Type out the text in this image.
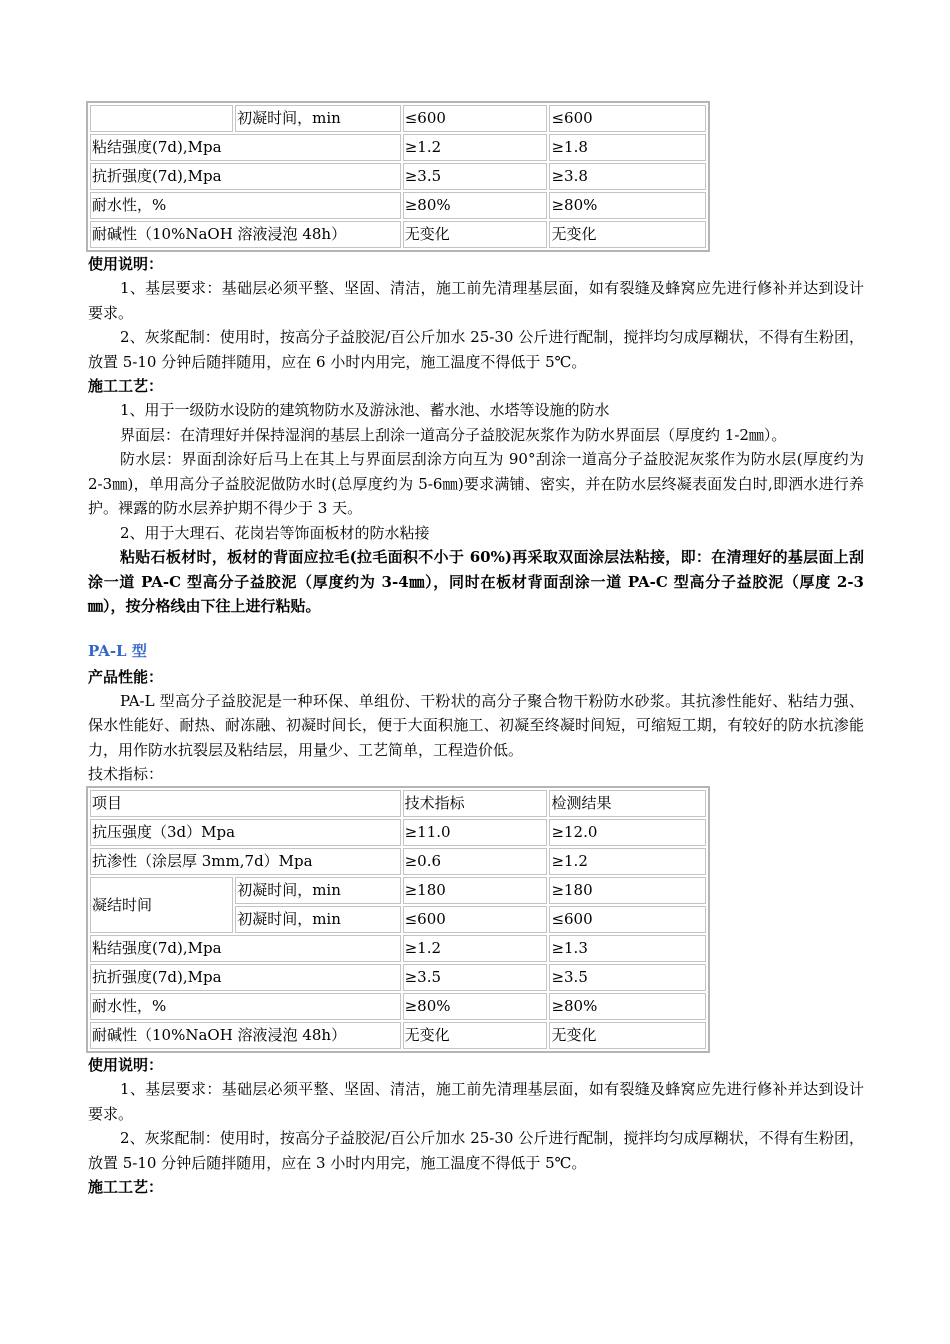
	初凝时间，min	≤600	≤600
粘结强度(7d),Mpa		≥1.2	≥1.8
抗折强度(7d),Mpa		≥3.5	≥3.8
耐水性，%		≥80%	≥80%
耐碱性（10%NaOH 溶液浸泡 48h）		无变化	无变化
使用说明：

1、基层要求：基础层必须平整、坚固、清洁，施工前先清理基层面，如有裂缝及蜂窝应先进行修补并达到设计要求。

2、灰浆配制：使用时，按高分子益胶泥/百公斤加水 25-30 公斤进行配制，搅拌均匀成厚糊状，不得有生粉团，放置 5-10 分钟后随拌随用，应在 6 小时内用完，施工温度不得低于 5℃。

施工工艺：

1、用于一级防水设防的建筑物防水及游泳池、蓄水池、水塔等设施的防水

界面层：在清理好并保持湿润的基层上刮涂一道高分子益胶泥灰浆作为防水界面层（厚度约 1-2㎜）。

防水层：界面刮涂好后马上在其上与界面层刮涂方向互为 90°刮涂一道高分子益胶泥灰浆作为防水层(厚度约为 2-3㎜)，单用高分子益胶泥做防水时(总厚度约为 5-6㎜)要求满铺、密实，并在防水层终凝表面发白时,即洒水进行养护。裸露的防水层养护期不得少于 3 天。

2、用于大理石、花岗岩等饰面板材的防水粘接

粘贴石板材时，板材的背面应拉毛(拉毛面积不小于 60%)再采取双面涂层法粘接，即：在清理好的基层面上刮涂一道 PA-C 型高分子益胶泥（厚度约为 3-4㎜），同时在板材背面刮涂一道 PA-C 型高分子益胶泥（厚度 2-3㎜），按分格线由下往上进行粘贴。

PA-L 型
产品性能：

PA-L 型高分子益胶泥是一种环保、单组份、干粉状的高分子聚合物干粉防水砂浆。其抗渗性能好、粘结力强、保水性能好、耐热、耐冻融、初凝时间长，便于大面积施工、初凝至终凝时间短，可缩短工期，有较好的防水抗渗能力，用作防水抗裂层及粘结层，用量少、工艺简单，工程造价低。

技术指标：
项目		技术指标	检测结果
抗压强度（3d）Mpa		≥11.0	≥12.0
抗渗性（涂层厚 3mm,7d）Mpa		≥0.6	≥1.2
凝结时间	初凝时间，min	≥180	≥180
	初凝时间，min	≤600	≤600
粘结强度(7d),Mpa		≥1.2	≥1.3
抗折强度(7d),Mpa		≥3.5	≥3.5
耐水性，%		≥80%	≥80%
耐碱性（10%NaOH 溶液浸泡 48h）		无变化	无变化
使用说明：

1、基层要求：基础层必须平整、坚固、清洁，施工前先清理基层面，如有裂缝及蜂窝应先进行修补并达到设计要求。

2、灰浆配制：使用时，按高分子益胶泥/百公斤加水 25-30 公斤进行配制，搅拌均匀成厚糊状，不得有生粉团，放置 5-10 分钟后随拌随用，应在 3 小时内用完，施工温度不得低于 5℃。

施工工艺：
